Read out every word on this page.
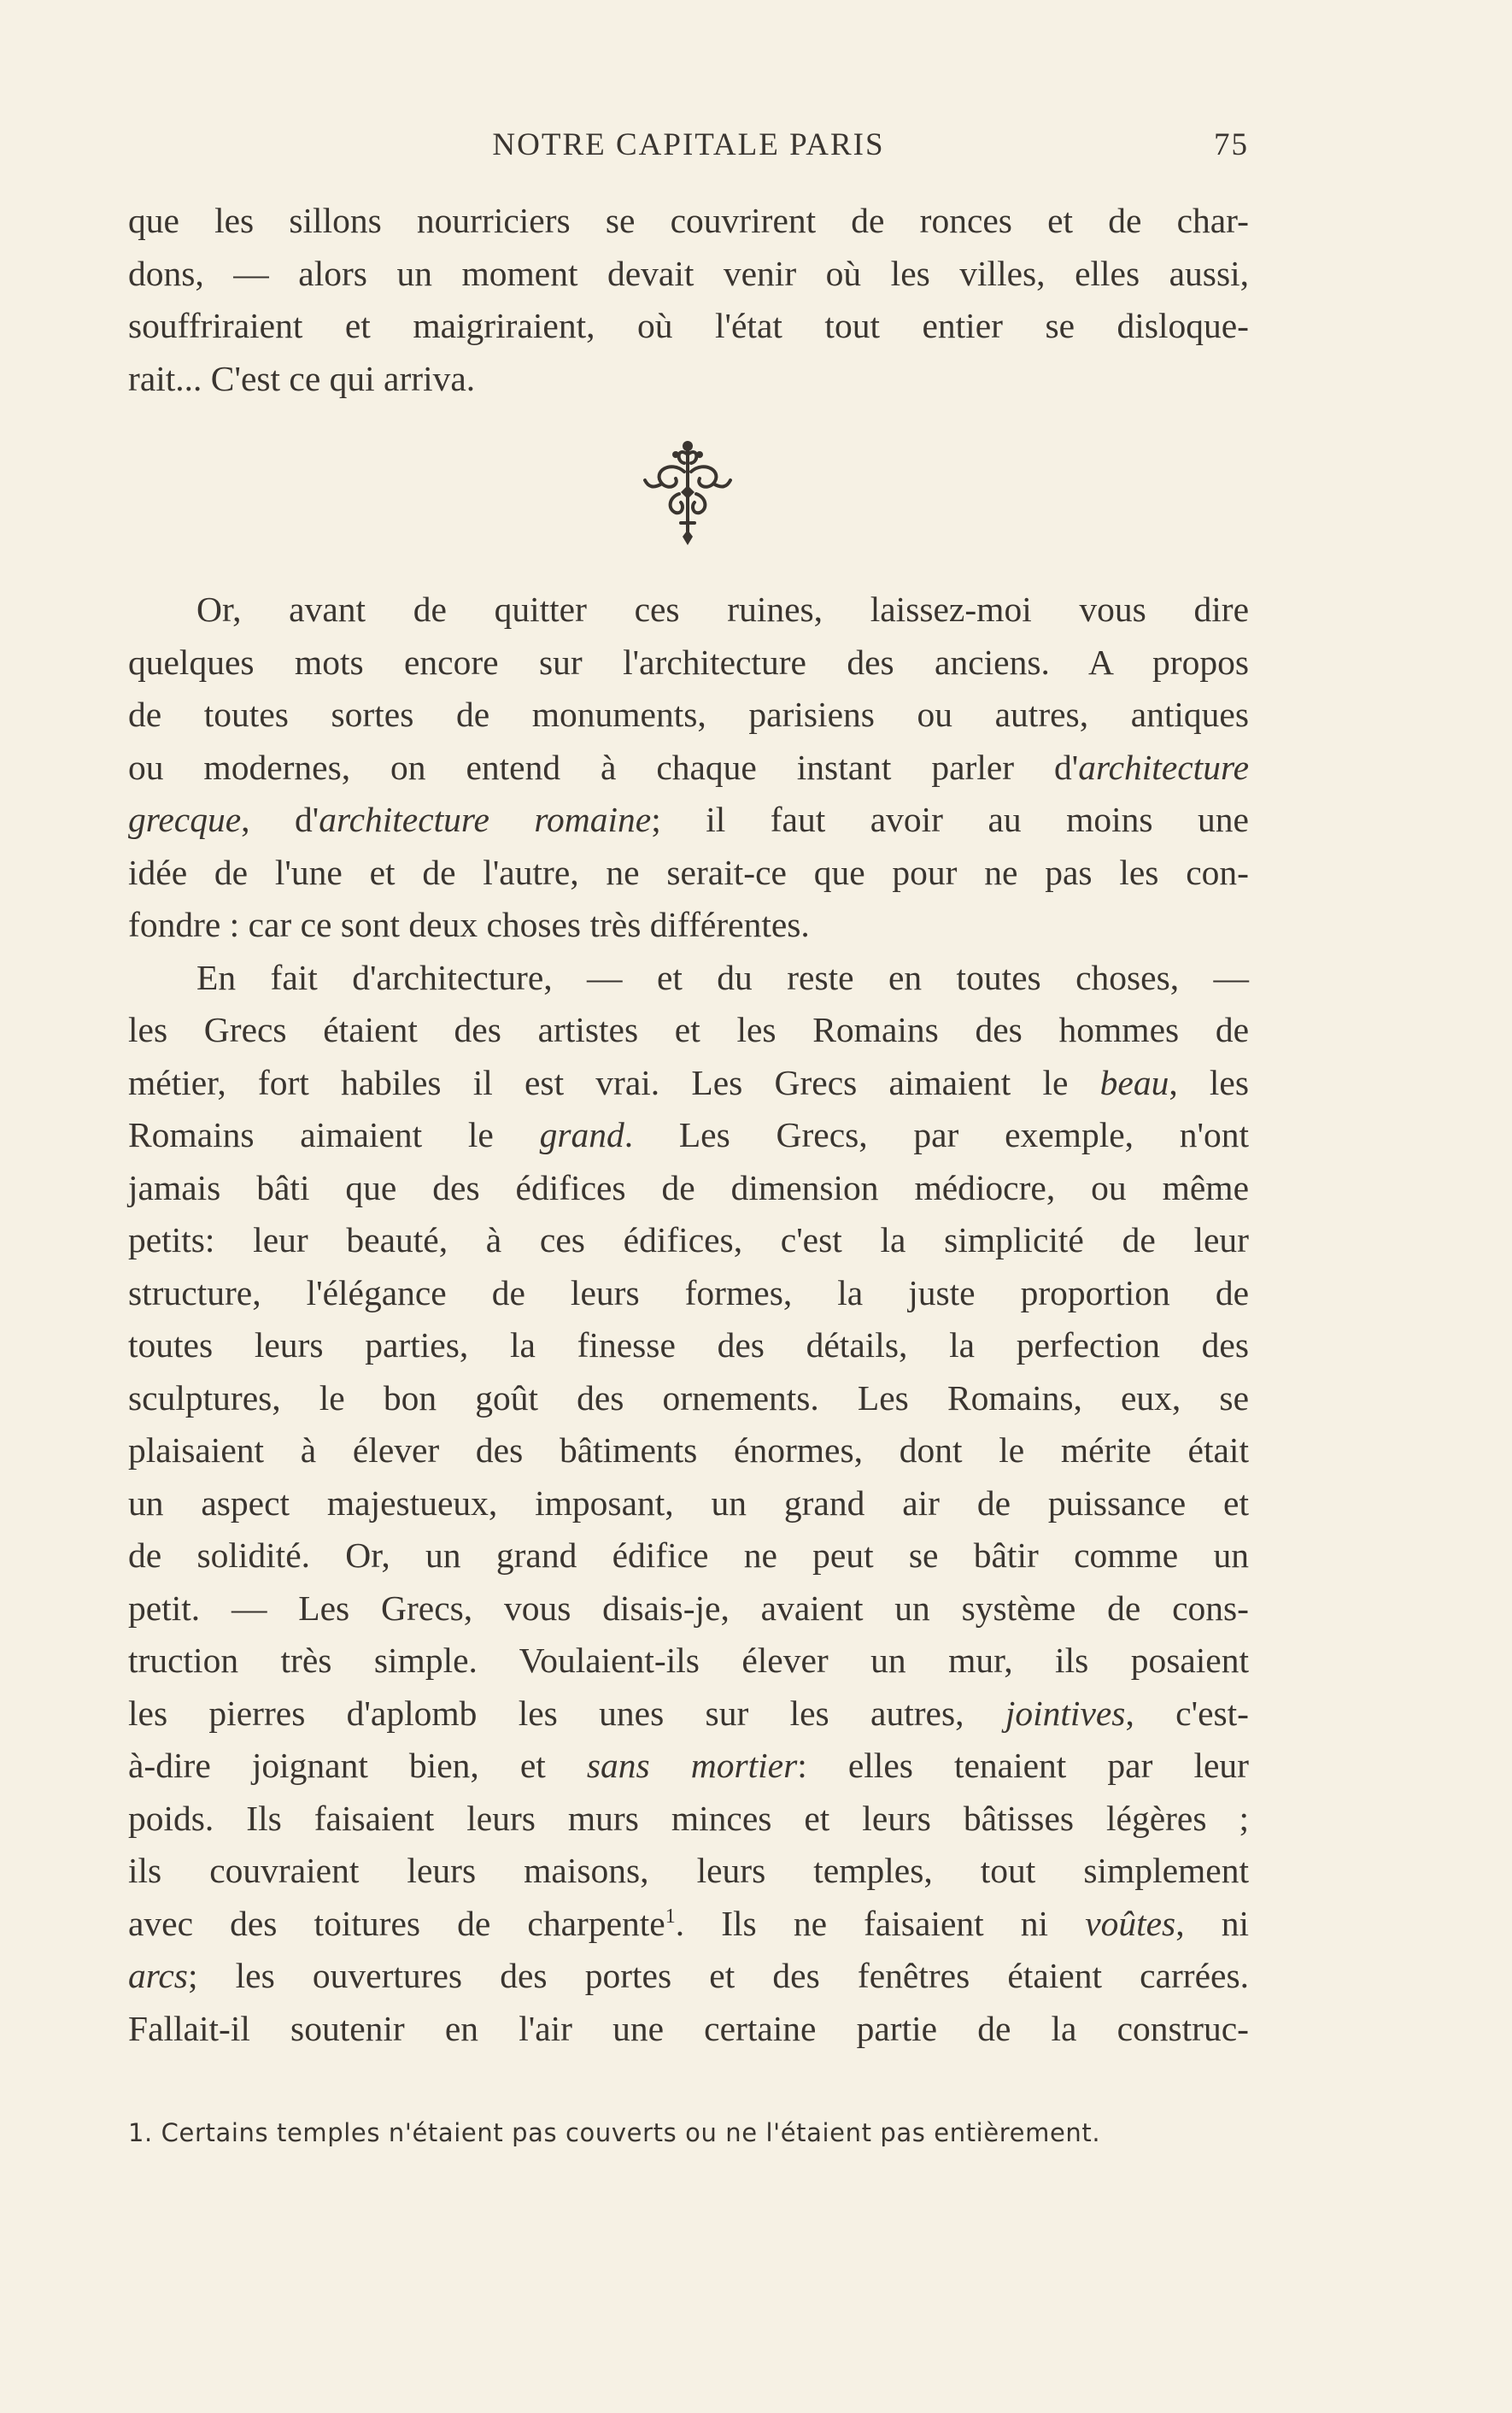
NOTRE CAPITALE PARIS	75
que les sillons nourriciers se couvrirent de ronces et de char-
dons, — alors un moment devait venir où les villes, elles aussi,
souffriraient et maigriraient, où l'état tout entier se disloque-
rait... C'est ce qui arriva.
Or, avant de quitter ces ruines, laissez-moi vous dire
quelques mots encore sur l'architecture des anciens. A propos
de toutes sortes de monuments, parisiens ou autres, antiques
ou modernes, on entend à chaque instant parler d'architecture
grecque, d'architecture romaine; il faut avoir au moins une
idée de l'une et de l'autre, ne serait-ce que pour ne pas les con-
fondre : car ce sont deux choses très différentes.
En fait d'architecture, — et du reste en toutes choses, —
les Grecs étaient des artistes et les Romains des hommes de
métier, fort habiles il est vrai. Les Grecs aimaient le beau, les
Romains aimaient le grand. Les Grecs, par exemple, n'ont
jamais bâti que des édifices de dimension médiocre, ou même
petits: leur beauté, à ces édifices, c'est la simplicité de leur
structure, l'élégance de leurs formes, la juste proportion de
toutes leurs parties, la finesse des détails, la perfection des
sculptures, le bon goût des ornements. Les Romains, eux, se
plaisaient à élever des bâtiments énormes, dont le mérite était
un aspect majestueux, imposant, un grand air de puissance et
de solidité. Or, un grand édifice ne peut se bâtir comme un
petit. — Les Grecs, vous disais-je, avaient un système de cons-
truction très simple. Voulaient-ils élever un mur, ils posaient
les pierres d'aplomb les unes sur les autres, jointives, c'est-
à-dire joignant bien, et sans mortier: elles tenaient par leur
poids. Ils faisaient leurs murs minces et leurs bâtisses légères ;
ils couvraient leurs maisons, leurs temples, tout simplement
avec des toitures de charpente$^1$. Ils ne faisaient ni voûtes, ni
arcs; les ouvertures des portes et des fenêtres étaient carrées.
Fallait-il soutenir en l'air une certaine partie de la construc-
1. Certains temples n'étaient pas couverts ou ne l'étaient pas entièrement.
